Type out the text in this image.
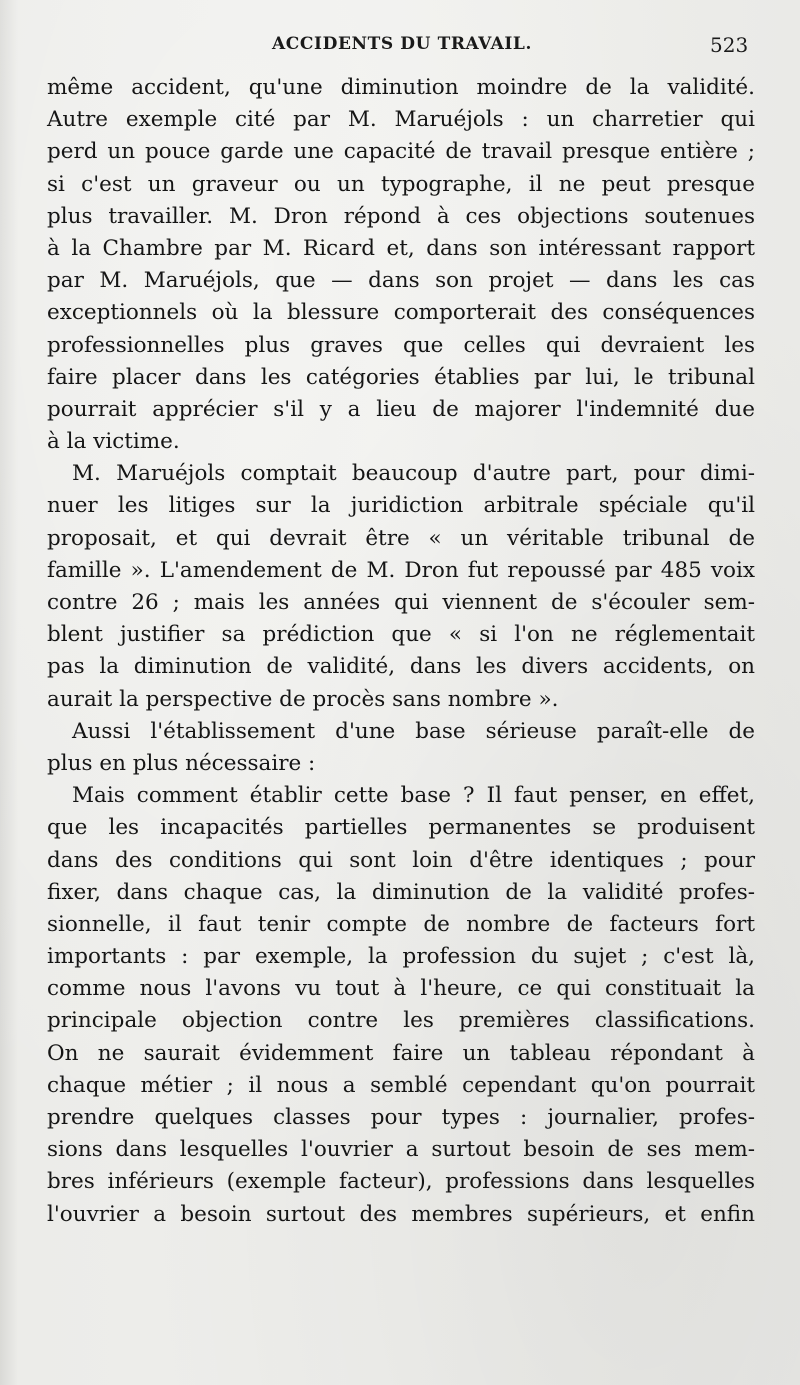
ACCIDENTS DU TRAVAIL.	523
même accident, qu'une diminution moindre de la validité.
Autre exemple cité par M. Maruéjols : un charretier qui
perd un pouce garde une capacité de travail presque entière ;
si c'est un graveur ou un typographe, il ne peut presque
plus travailler. M. Dron répond à ces objections soutenues
à la Chambre par M. Ricard et, dans son intéressant rapport
par M. Maruéjols, que — dans son projet — dans les cas
exceptionnels où la blessure comporterait des conséquences
professionnelles plus graves que celles qui devraient les
faire placer dans les catégories établies par lui, le tribunal
pourrait apprécier s'il y a lieu de majorer l'indemnité due
à la victime.
M. Maruéjols comptait beaucoup d'autre part, pour dimi-
nuer les litiges sur la juridiction arbitrale spéciale qu'il
proposait, et qui devrait être « un véritable tribunal de
famille ». L'amendement de M. Dron fut repoussé par 485 voix
contre 26 ; mais les années qui viennent de s'écouler sem-
blent justifier sa prédiction que « si l'on ne réglementait
pas la diminution de validité, dans les divers accidents, on
aurait la perspective de procès sans nombre ».
Aussi l'établissement d'une base sérieuse paraît-elle de
plus en plus nécessaire :
Mais comment établir cette base ? Il faut penser, en effet,
que les incapacités partielles permanentes se produisent
dans des conditions qui sont loin d'être identiques ; pour
fixer, dans chaque cas, la diminution de la validité profes-
sionnelle, il faut tenir compte de nombre de facteurs fort
importants : par exemple, la profession du sujet ; c'est là,
comme nous l'avons vu tout à l'heure, ce qui constituait la
principale objection contre les premières classifications.
On ne saurait évidemment faire un tableau répondant à
chaque métier ; il nous a semblé cependant qu'on pourrait
prendre quelques classes pour types : journalier, profes-
sions dans lesquelles l'ouvrier a surtout besoin de ses mem-
bres inférieurs (exemple facteur), professions dans lesquelles
l'ouvrier a besoin surtout des membres supérieurs, et enfin
